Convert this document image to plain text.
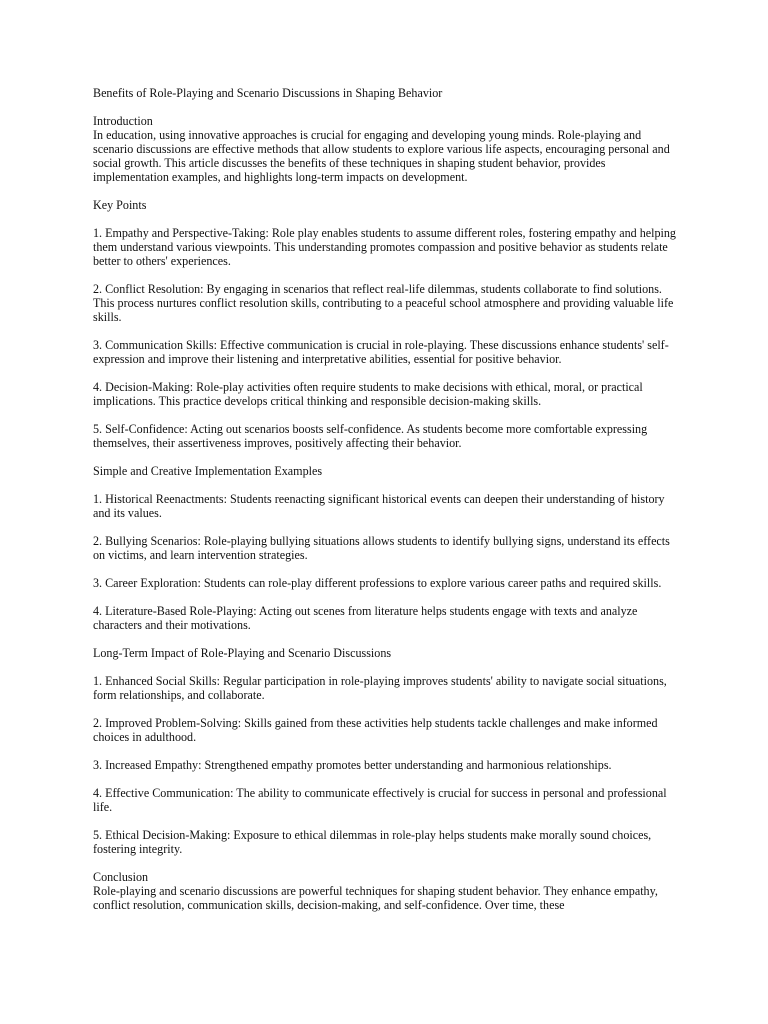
Benefits of Role-Playing and Scenario Discussions in Shaping Behavior

Introduction
In education, using innovative approaches is crucial for engaging and developing young minds. Role-playing and scenario discussions are effective methods that allow students to explore various life aspects, encouraging personal and social growth. This article discusses the benefits of these techniques in shaping student behavior, provides implementation examples, and highlights long-term impacts on development.

Key Points

1. Empathy and Perspective-Taking: Role play enables students to assume different roles, fostering empathy and helping them understand various viewpoints. This understanding promotes compassion and positive behavior as students relate better to others' experiences.

2. Conflict Resolution: By engaging in scenarios that reflect real-life dilemmas, students collaborate to find solutions. This process nurtures conflict resolution skills, contributing to a peaceful school atmosphere and providing valuable life skills.

3. Communication Skills: Effective communication is crucial in role-playing. These discussions enhance students' self-expression and improve their listening and interpretative abilities, essential for positive behavior.

4. Decision-Making: Role-play activities often require students to make decisions with ethical, moral, or practical implications. This practice develops critical thinking and responsible decision-making skills.

5. Self-Confidence: Acting out scenarios boosts self-confidence. As students become more comfortable expressing themselves, their assertiveness improves, positively affecting their behavior.

Simple and Creative Implementation Examples

1. Historical Reenactments: Students reenacting significant historical events can deepen their understanding of history and its values.

2. Bullying Scenarios: Role-playing bullying situations allows students to identify bullying signs, understand its effects on victims, and learn intervention strategies.

3. Career Exploration: Students can role-play different professions to explore various career paths and required skills.

4. Literature-Based Role-Playing: Acting out scenes from literature helps students engage with texts and analyze characters and their motivations.

Long-Term Impact of Role-Playing and Scenario Discussions

1. Enhanced Social Skills: Regular participation in role-playing improves students' ability to navigate social situations, form relationships, and collaborate.

2. Improved Problem-Solving: Skills gained from these activities help students tackle challenges and make informed choices in adulthood.

3. Increased Empathy: Strengthened empathy promotes better understanding and harmonious relationships.

4. Effective Communication: The ability to communicate effectively is crucial for success in personal and professional life.

5. Ethical Decision-Making: Exposure to ethical dilemmas in role-play helps students make morally sound choices, fostering integrity.

Conclusion
Role-playing and scenario discussions are powerful techniques for shaping student behavior. They enhance empathy, conflict resolution, communication skills, decision-making, and self-confidence. Over time, these
